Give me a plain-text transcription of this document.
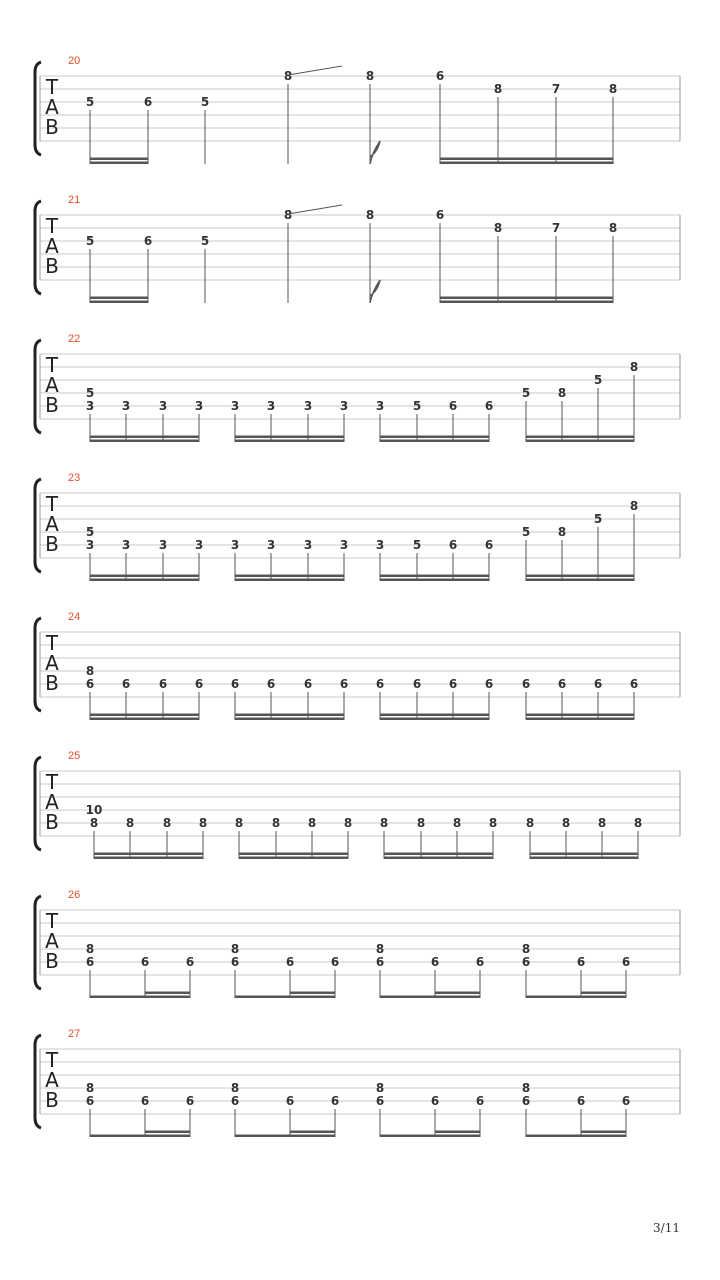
20
T
A
B
5	6	5
8	8	6
8	7	8
21
T
A
B
5	6	5
8	8	6
8	7	8
22
T
A
B 5
3 3 3 3 3 3 3 3 3 5 6 6
5 8
5
8
23
T
A
B 5
3 3 3 3 3 3 3 3 3 5 6 6
5 8
5
8
24
T
A
B 8
6 6 6 6 6 6 6 6 6 6 6 6 6 6 6 6
25
T
A
B 10
8 8 8 8 8 8 8 8 8 8 8 8 8 8 8 8
26
T
A
B 8
6	6	6
8
6	6	6
8
6	6	6
8
6	6	6
27
T
A
B 8
6	6	6
8
6	6	6
8
6	6	6
8
6	6	6
3/11
